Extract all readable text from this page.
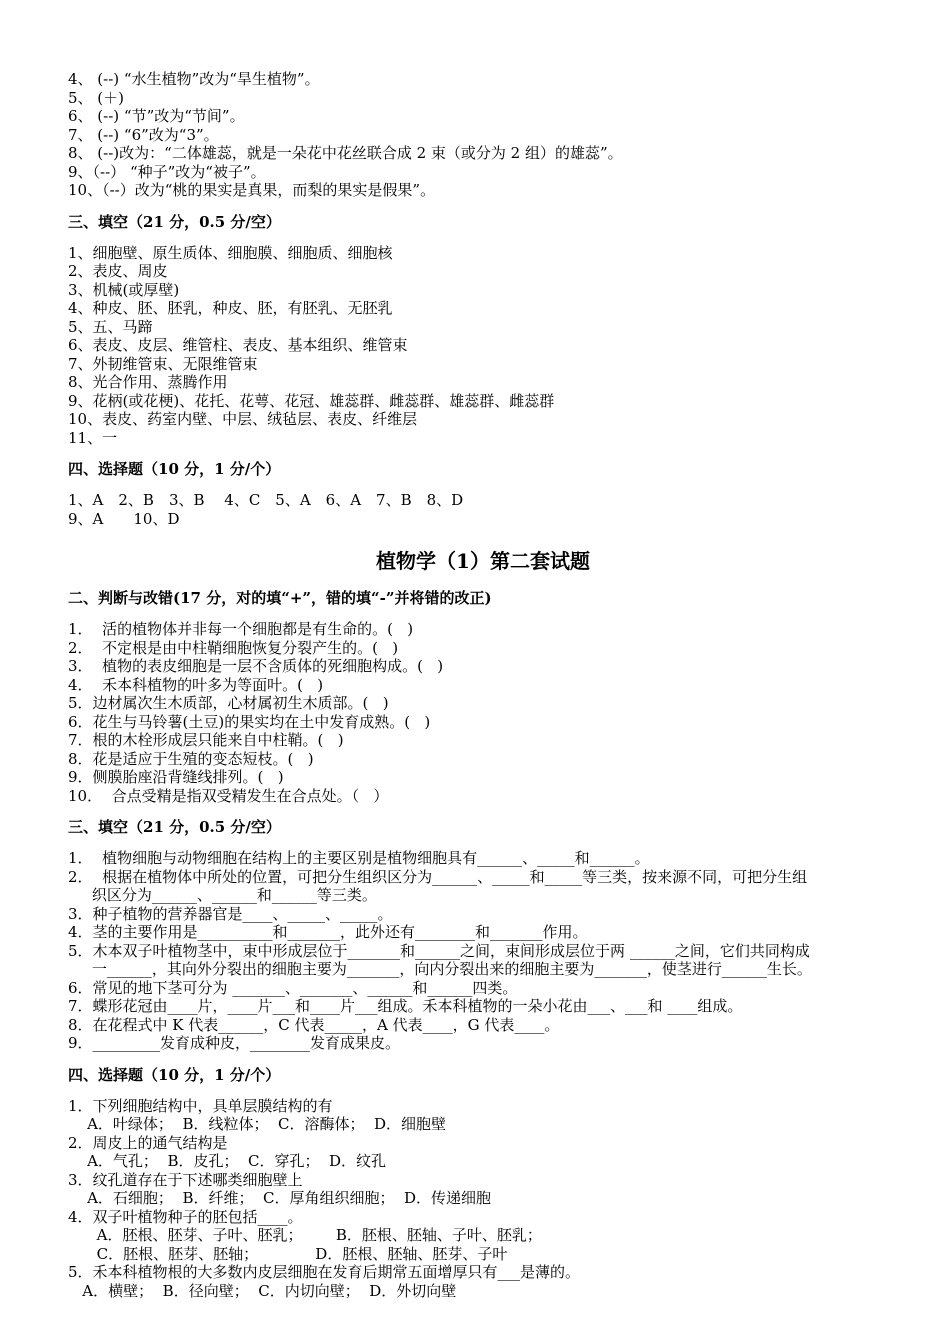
4、 (--) “水生植物”改为“旱生植物”。
5、 (＋)
6、 (--) “节”改为“节间”。
7、 (--) “6”改为“3”。
8、 (--)改为：“二体雄蕊，就是一朵花中花丝联合成 2 束（或分为 2 组）的雄蕊”。
9、（--） “种子”改为“被子”。
10、（--）改为“桃的果实是真果，而梨的果实是假果”。
三、填空（21 分，0.5 分/空）
1、细胞壁、原生质体、细胞膜、细胞质、细胞核
2、表皮、周皮
3、机械(或厚壁)
4、种皮、胚、胚乳，种皮、胚，有胚乳、无胚乳
5、五、马蹄
6、表皮、皮层、维管柱、表皮、基本组织、维管束
7、外韧维管束、无限维管束
8、光合作用、蒸腾作用
9、花柄(或花梗)、花托、花萼、花冠、雄蕊群、雌蕊群、雄蕊群、雌蕊群
10、表皮、药室内壁、中层、绒毡层、表皮、纤维层
11、一
四、选择题（10 分，1 分/个）
1、A　2、B　3、B　 4、C　5、A　6、A　7、B　8、D
9、A　　10、D
植物学（1）第二套试题
二、判断与改错(17 分，对的填“+”，错的填“-”并将错的改正)
1．  活的植物体并非每一个细胞都是有生命的。(   )
2．  不定根是由中柱鞘细胞恢复分裂产生的。(   )
3．  植物的表皮细胞是一层不含质体的死细胞构成。(   )
4．  禾本科植物的叶多为等面叶。(   )
5．边材属次生木质部，心材属初生木质部。(   )
6．花生与马铃薯(土豆)的果实均在土中发育成熟。(   )
7．根的木栓形成层只能来自中柱鞘。(   )
8．花是适应于生殖的变态短枝。(   )
9．侧膜胎座沿背缝线排列。(   )
10．  合点受精是指双受精发生在合点处。（   ）
三、填空（21 分，0.5 分/空）
1．  植物细胞与动物细胞在结构上的主要区别是植物细胞具有______、_____和______。
2．  根据在植物体中所处的位置，可把分生组织区分为______、_____和_____等三类，按来源不同，可把分生组
织区分为______、______和______等三类。
3．种子植物的营养器官是____、_____、_____。
4．茎的主要作用是__________和_______，此外还有________和_______作用。
5．木本双子叶植物茎中，束中形成层位于_______和______之间，束间形成层位于两 ______之间，它们共同构成
一______，其向外分裂出的细胞主要为_______，向内分裂出来的细胞主要为_______，使茎进行______生长。
6．常见的地下茎可分为 _______、_______、______和______四类。
7．蝶形花冠由____片，____片___和____片___组成。禾本科植物的一朵小花由___、___和 ____组成。
8．在花程式中 K 代表______，C 代表_____，A 代表____，G 代表____。
9．_________发育成种皮，________发育成果皮。
四、选择题（10 分，1 分/个）
1．下列细胞结构中，具单层膜结构的有
A．叶绿体；  B．线粒体；  C．溶酶体；  D．细胞壁
2．周皮上的通气结构是
A．气孔；  B．皮孔；  C．穿孔；  D．纹孔
3．纹孔道存在于下述哪类细胞壁上
A．石细胞；  B．纤维；  C．厚角组织细胞；  D．传递细胞
4．双子叶植物种子的胚包括____。
A．胚根、胚芽、子叶、胚乳；       B．胚根、胚轴、子叶、胚乳；
C．胚根、胚芽、胚轴；            D．胚根、胚轴、胚芽、子叶
5．禾本科植物根的大多数内皮层细胞在发育后期常五面增厚只有___是薄的。
A．横壁；  B．径向壁；  C．内切向壁；  D．外切向壁
